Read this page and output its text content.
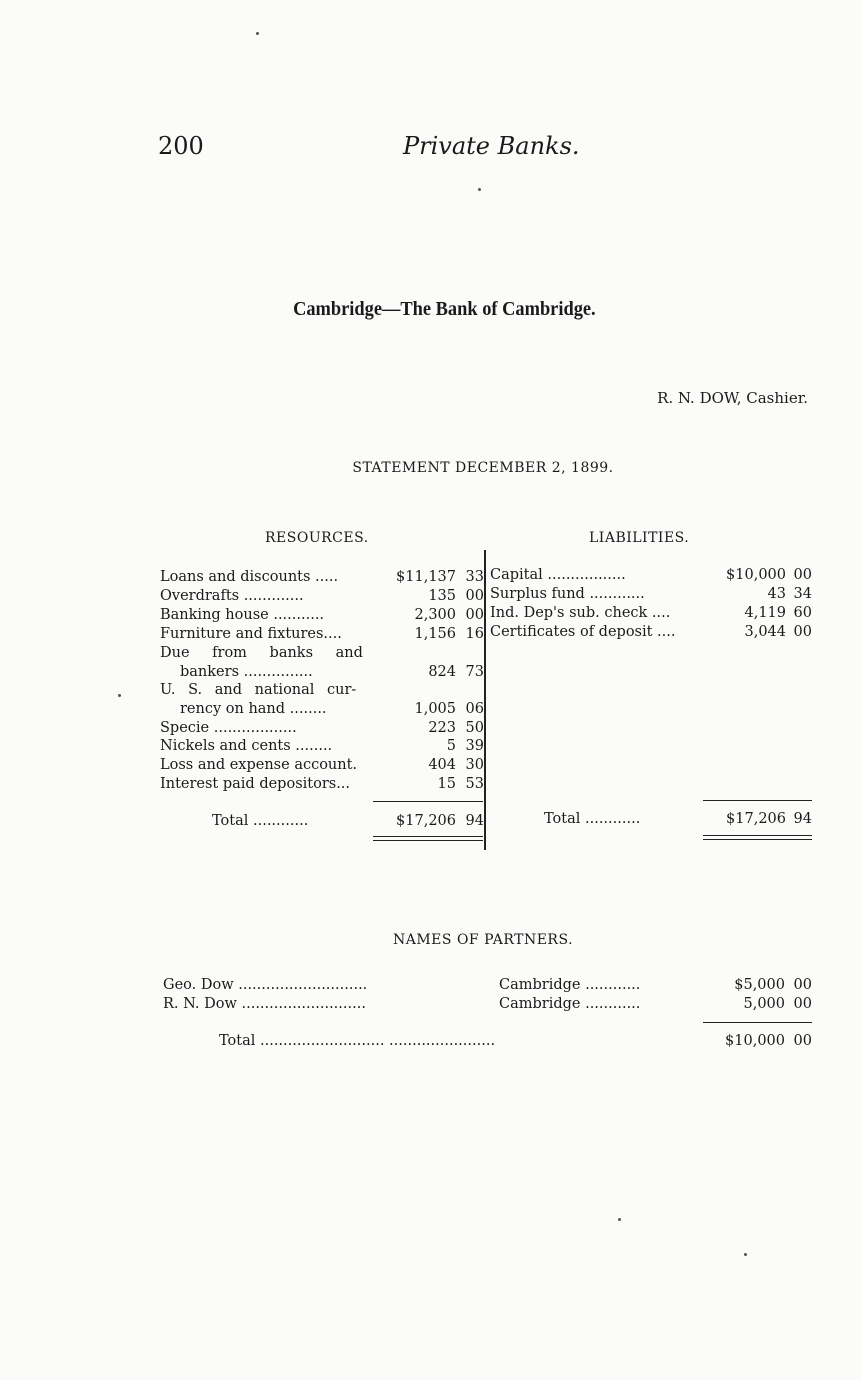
200	Private Banks.
Cambridge—The Bank of Cambridge.
R. N. DOW, Cashier.
STATEMENT DECEMBER 2, 1899.
RESOURCES.	LIABILITIES.
Loans and discounts .....	$11,137 33
Overdrafts .............	135 00
Banking house ...........	2,300 00
Furniture and fixtures....	1,156 16
Due from banks and
bankers ...............	824 73
U. S. and national cur-
rency on hand ........	1,005 06
Specie ..................	223 50
Nickels and cents ........	5 39
Loss and expense account.	404 30
Interest paid depositors...	15 53
Total ............	$17,206 94
Capital .................	$10,000 00
Surplus fund ............	43 34
Ind. Dep's sub. check ....	4,119 60
Certificates of deposit ....	3,044 00
Total ............	$17,206 94
NAMES OF PARTNERS.
Geo. Dow ............................	Cambridge ............	$5,000 00
R. N. Dow ...........................	Cambridge ............	5,000 00
Total ........................... .......................	$10,000 00
